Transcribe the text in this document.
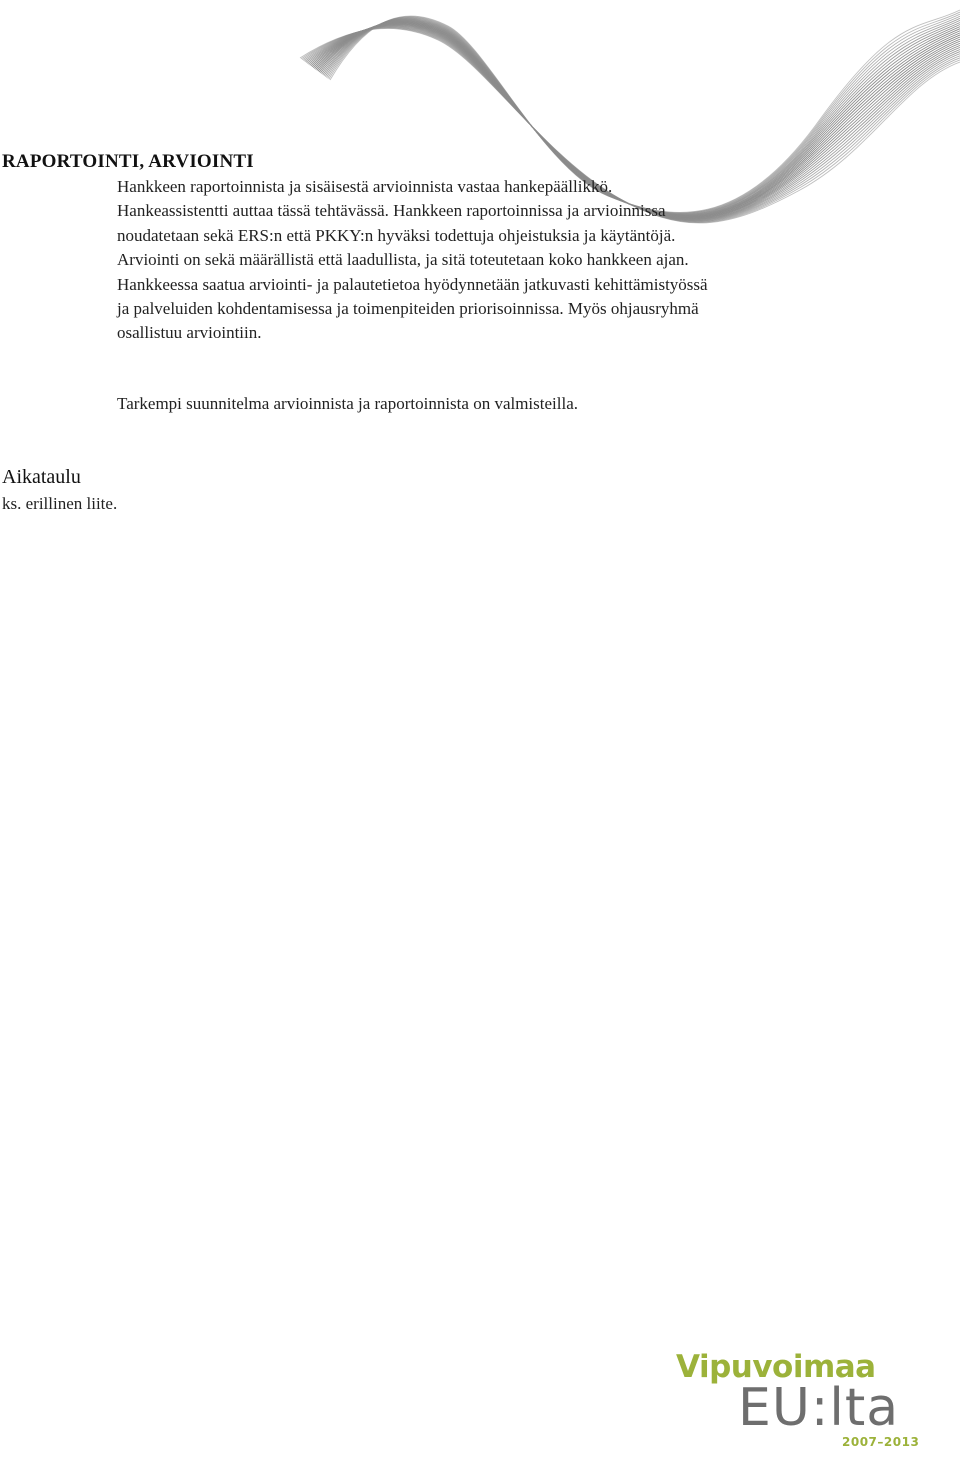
RAPORTOINTI, ARVIOINTI

Hankkeen raportoinnista ja sisäisestä arvioinnista vastaa hankepäällikkö. Hankeassistentti auttaa tässä tehtävässä. Hankkeen raportoinnissa ja arvioinnissa noudatetaan sekä ERS:n että PKKY:n hyväksi todettuja ohjeistuksia ja käytäntöjä. Arviointi on sekä määrällistä että laadullista, ja sitä toteutetaan koko hankkeen ajan. Hankkeessa saatua arviointi- ja palautetietoa hyödynnetään jatkuvasti kehittämistyössä ja palveluiden kohdentamisessa ja toimenpiteiden priorisoinnissa. Myös ohjausryhmä osallistuu arviointiin.

Tarkempi suunnitelma arvioinnista ja raportoinnista on valmisteilla.

Aikataulu

ks. erillinen liite.

Vipuvoimaa
EU:lta
2007–2013
